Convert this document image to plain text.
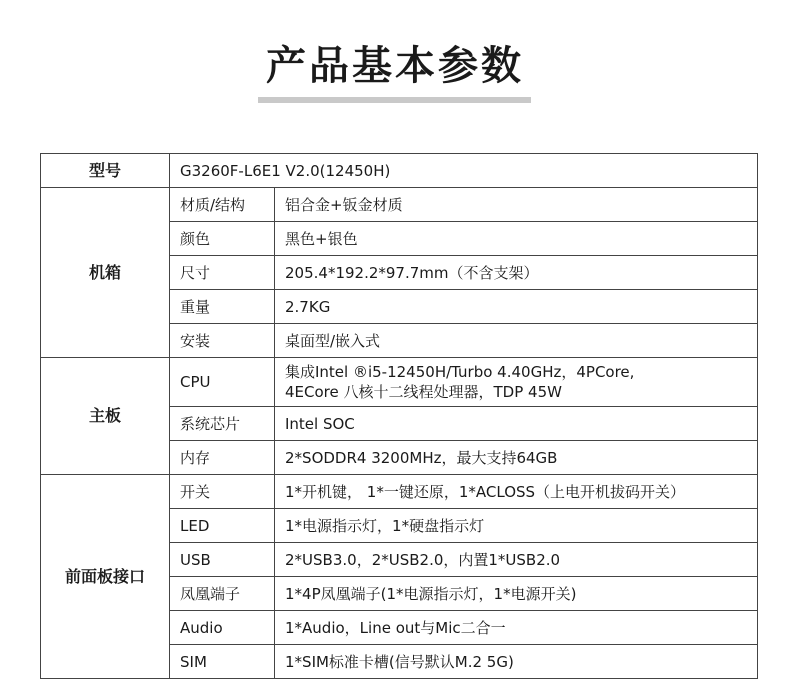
产品基本参数
型号	G3260F-L6E1 V2.0(12450H)	
机箱	材质/结构	铝合金+钣金材质
	颜色	黑色+银色
	尺寸	205.4*192.2*97.7mm（不含支架）
	重量	2.7KG
	安装	桌面型/嵌入式
主板	CPU	集成Intel ®i5-12450H/Turbo 4.40GHz，4PCore,
4ECore 八核十二线程处理器，TDP 45W

	系统芯片	Intel SOC
	内存	2*SODDR4 3200MHz，最大支持64GB
前面板接口	开关	1*开机键， 1*一键还原，1*ACLOSS（上电开机拔码开关）
	LED	1*电源指示灯，1*硬盘指示灯
	USB	2*USB3.0，2*USB2.0，内置1*USB2.0
	凤凰端子	1*4P凤凰端子(1*电源指示灯，1*电源开关)
	Audio	1*Audio，Line out与Mic二合一
	SIM	1*SIM标准卡槽(信号默认M.2 5G)
